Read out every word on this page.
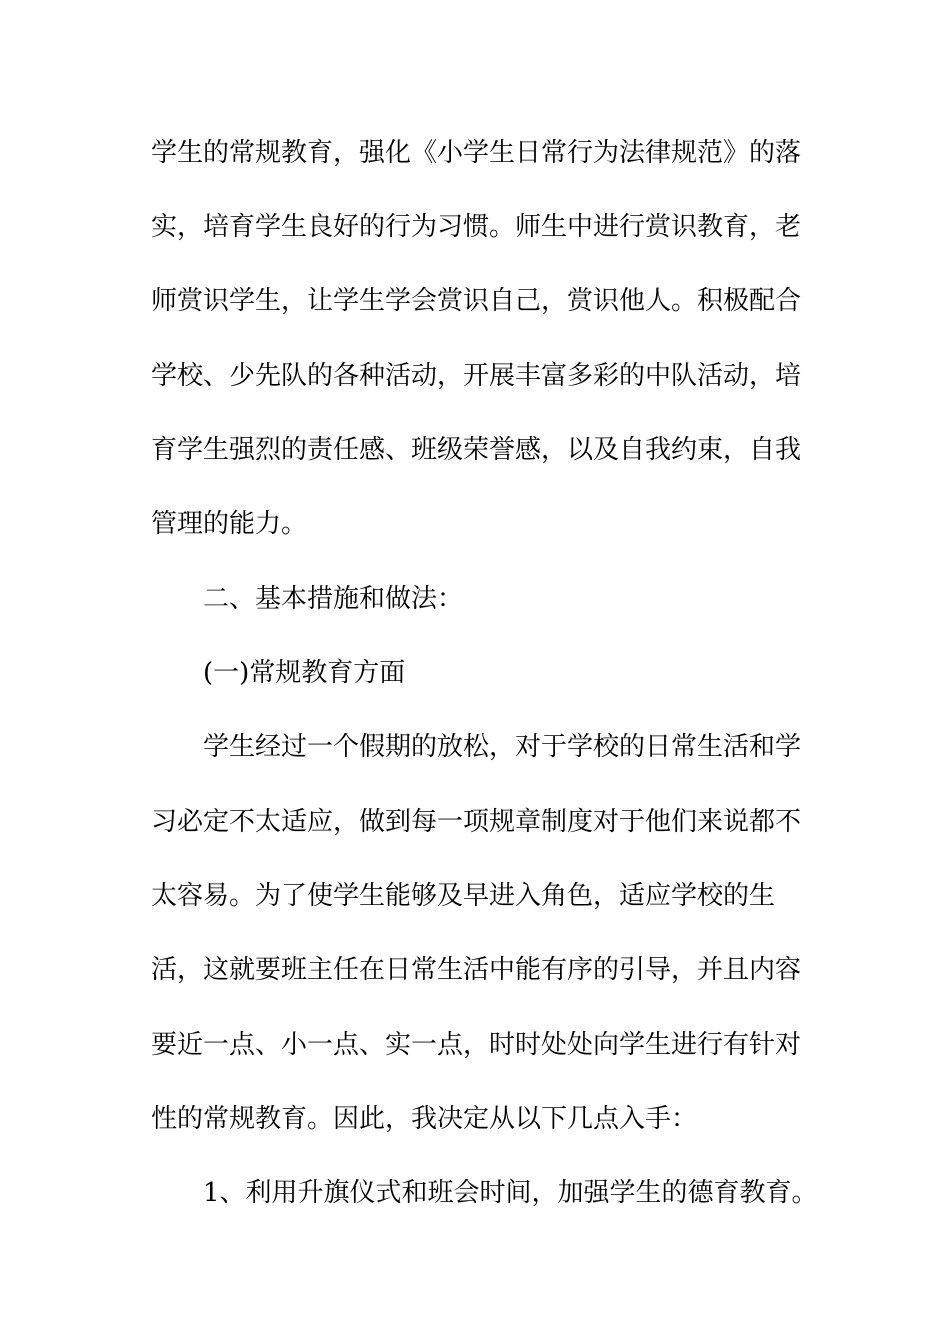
学生的常规教育，强化《小学生日常行为法律规范》的落
实，培育学生良好的行为习惯。师生中进行赏识教育，老
师赏识学生，让学生学会赏识自己，赏识他人。积极配合
学校、少先队的各种活动，开展丰富多彩的中队活动，培
育学生强烈的责任感、班级荣誉感，以及自我约束，自我
管理的能力。
二、基本措施和做法：
(一)常规教育方面
学生经过一个假期的放松，对于学校的日常生活和学
习必定不太适应，做到每一项规章制度对于他们来说都不
太容易。为了使学生能够及早进入角色，适应学校的生
活，这就要班主任在日常生活中能有序的引导，并且内容
要近一点、小一点、实一点，时时处处向学生进行有针对
性的常规教育。因此，我决定从以下几点入手：
1、利用升旗仪式和班会时间，加强学生的德育教育。
